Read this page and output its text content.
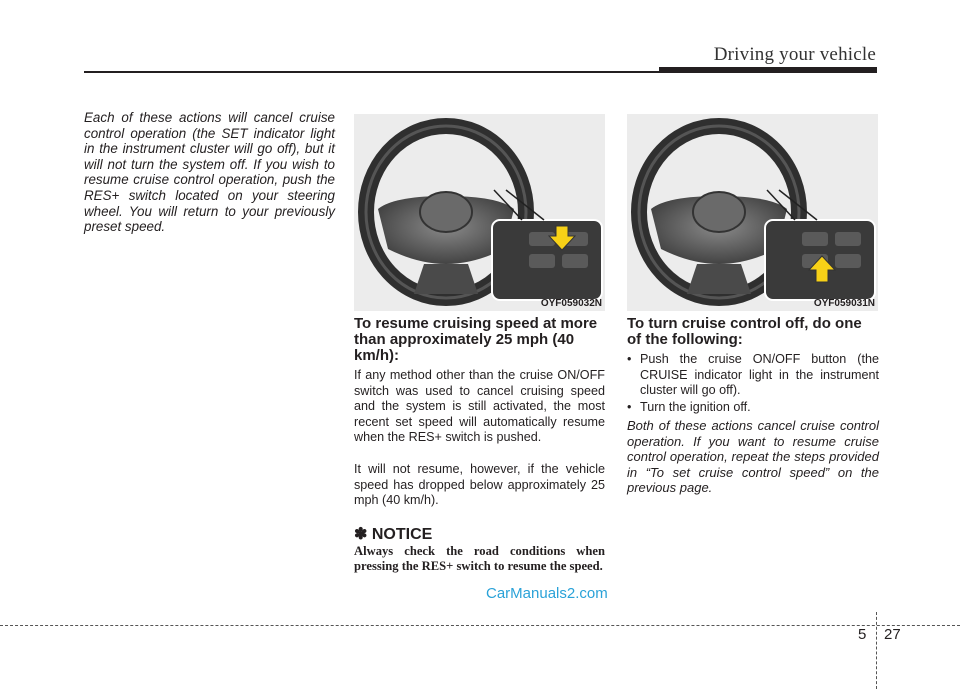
Driving your vehicle
Each of these actions will cancel cruise control operation (the SET indicator light in the instrument cluster will go off), but it will not turn the system off. If you wish to resume cruise control operation, push the RES+ switch located on your steering wheel. You will return to your previously preset speed.
OYF059032N	OYF059031N
To resume cruising speed at more than approximately 25 mph (40 km/h):
If any method other than the cruise ON/OFF switch was used to cancel cruising speed and the system is still activated, the most recent set speed will automatically resume when the RES+ switch is pushed.
It will not resume, however, if the vehicle speed has dropped below approximately 25 mph (40 km/h).
✽ NOTICE
Always check the road conditions when pressing the RES+ switch to resume the speed.
CarManuals2.com
To turn cruise control off, do one of the following:
• Push the cruise ON/OFF button (the CRUISE indicator light in the instrument cluster will go off).
• Turn the ignition off.
Both of these actions cancel cruise control operation. If you want to resume cruise control operation, repeat the steps provided in “To set cruise control speed” on the previous page.
5 27
